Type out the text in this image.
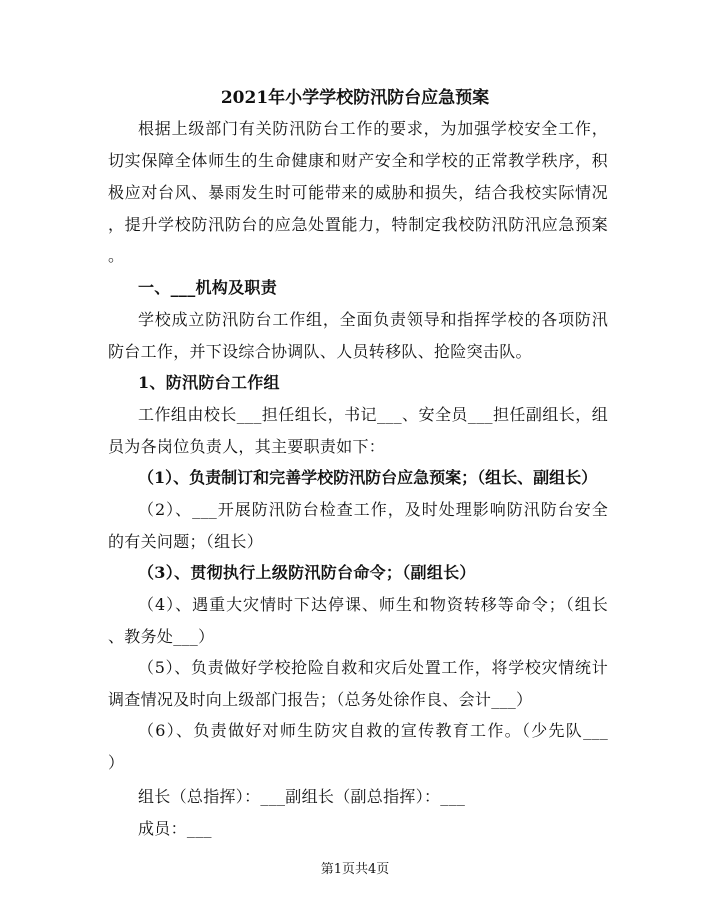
2021年小学学校防汛防台应急预案
根据上级部门有关防汛防台工作的要求，为加强学校安全工作，
切实保障全体师生的生命健康和财产安全和学校的正常教学秩序，积
极应对台风、暴雨发生时可能带来的威胁和损失，结合我校实际情况
，提升学校防汛防台的应急处置能力，特制定我校防汛防汛应急预案
。
一、___机构及职责
学校成立防汛防台工作组，全面负责领导和指挥学校的各项防汛
防台工作，并下设综合协调队、人员转移队、抢险突击队。
1、防汛防台工作组
工作组由校长___担任组长，书记___、安全员___担任副组长，组
员为各岗位负责人，其主要职责如下：
（1）、负责制订和完善学校防汛防台应急预案；（组长、副组长）
（2）、___开展防汛防台检查工作，及时处理影响防汛防台安全
的有关问题；（组长）
（3）、贯彻执行上级防汛防台命令；（副组长）
（4）、遇重大灾情时下达停课、师生和物资转移等命令；（组长
、教务处___）
（5）、负责做好学校抢险自救和灾后处置工作，将学校灾情统计
调查情况及时向上级部门报告；（总务处徐作良、会计___）
（6）、负责做好对师生防灾自救的宣传教育工作。（少先队___
）
组长（总指挥）：___副组长（副总指挥）：___
成员：___
第1页共4页
